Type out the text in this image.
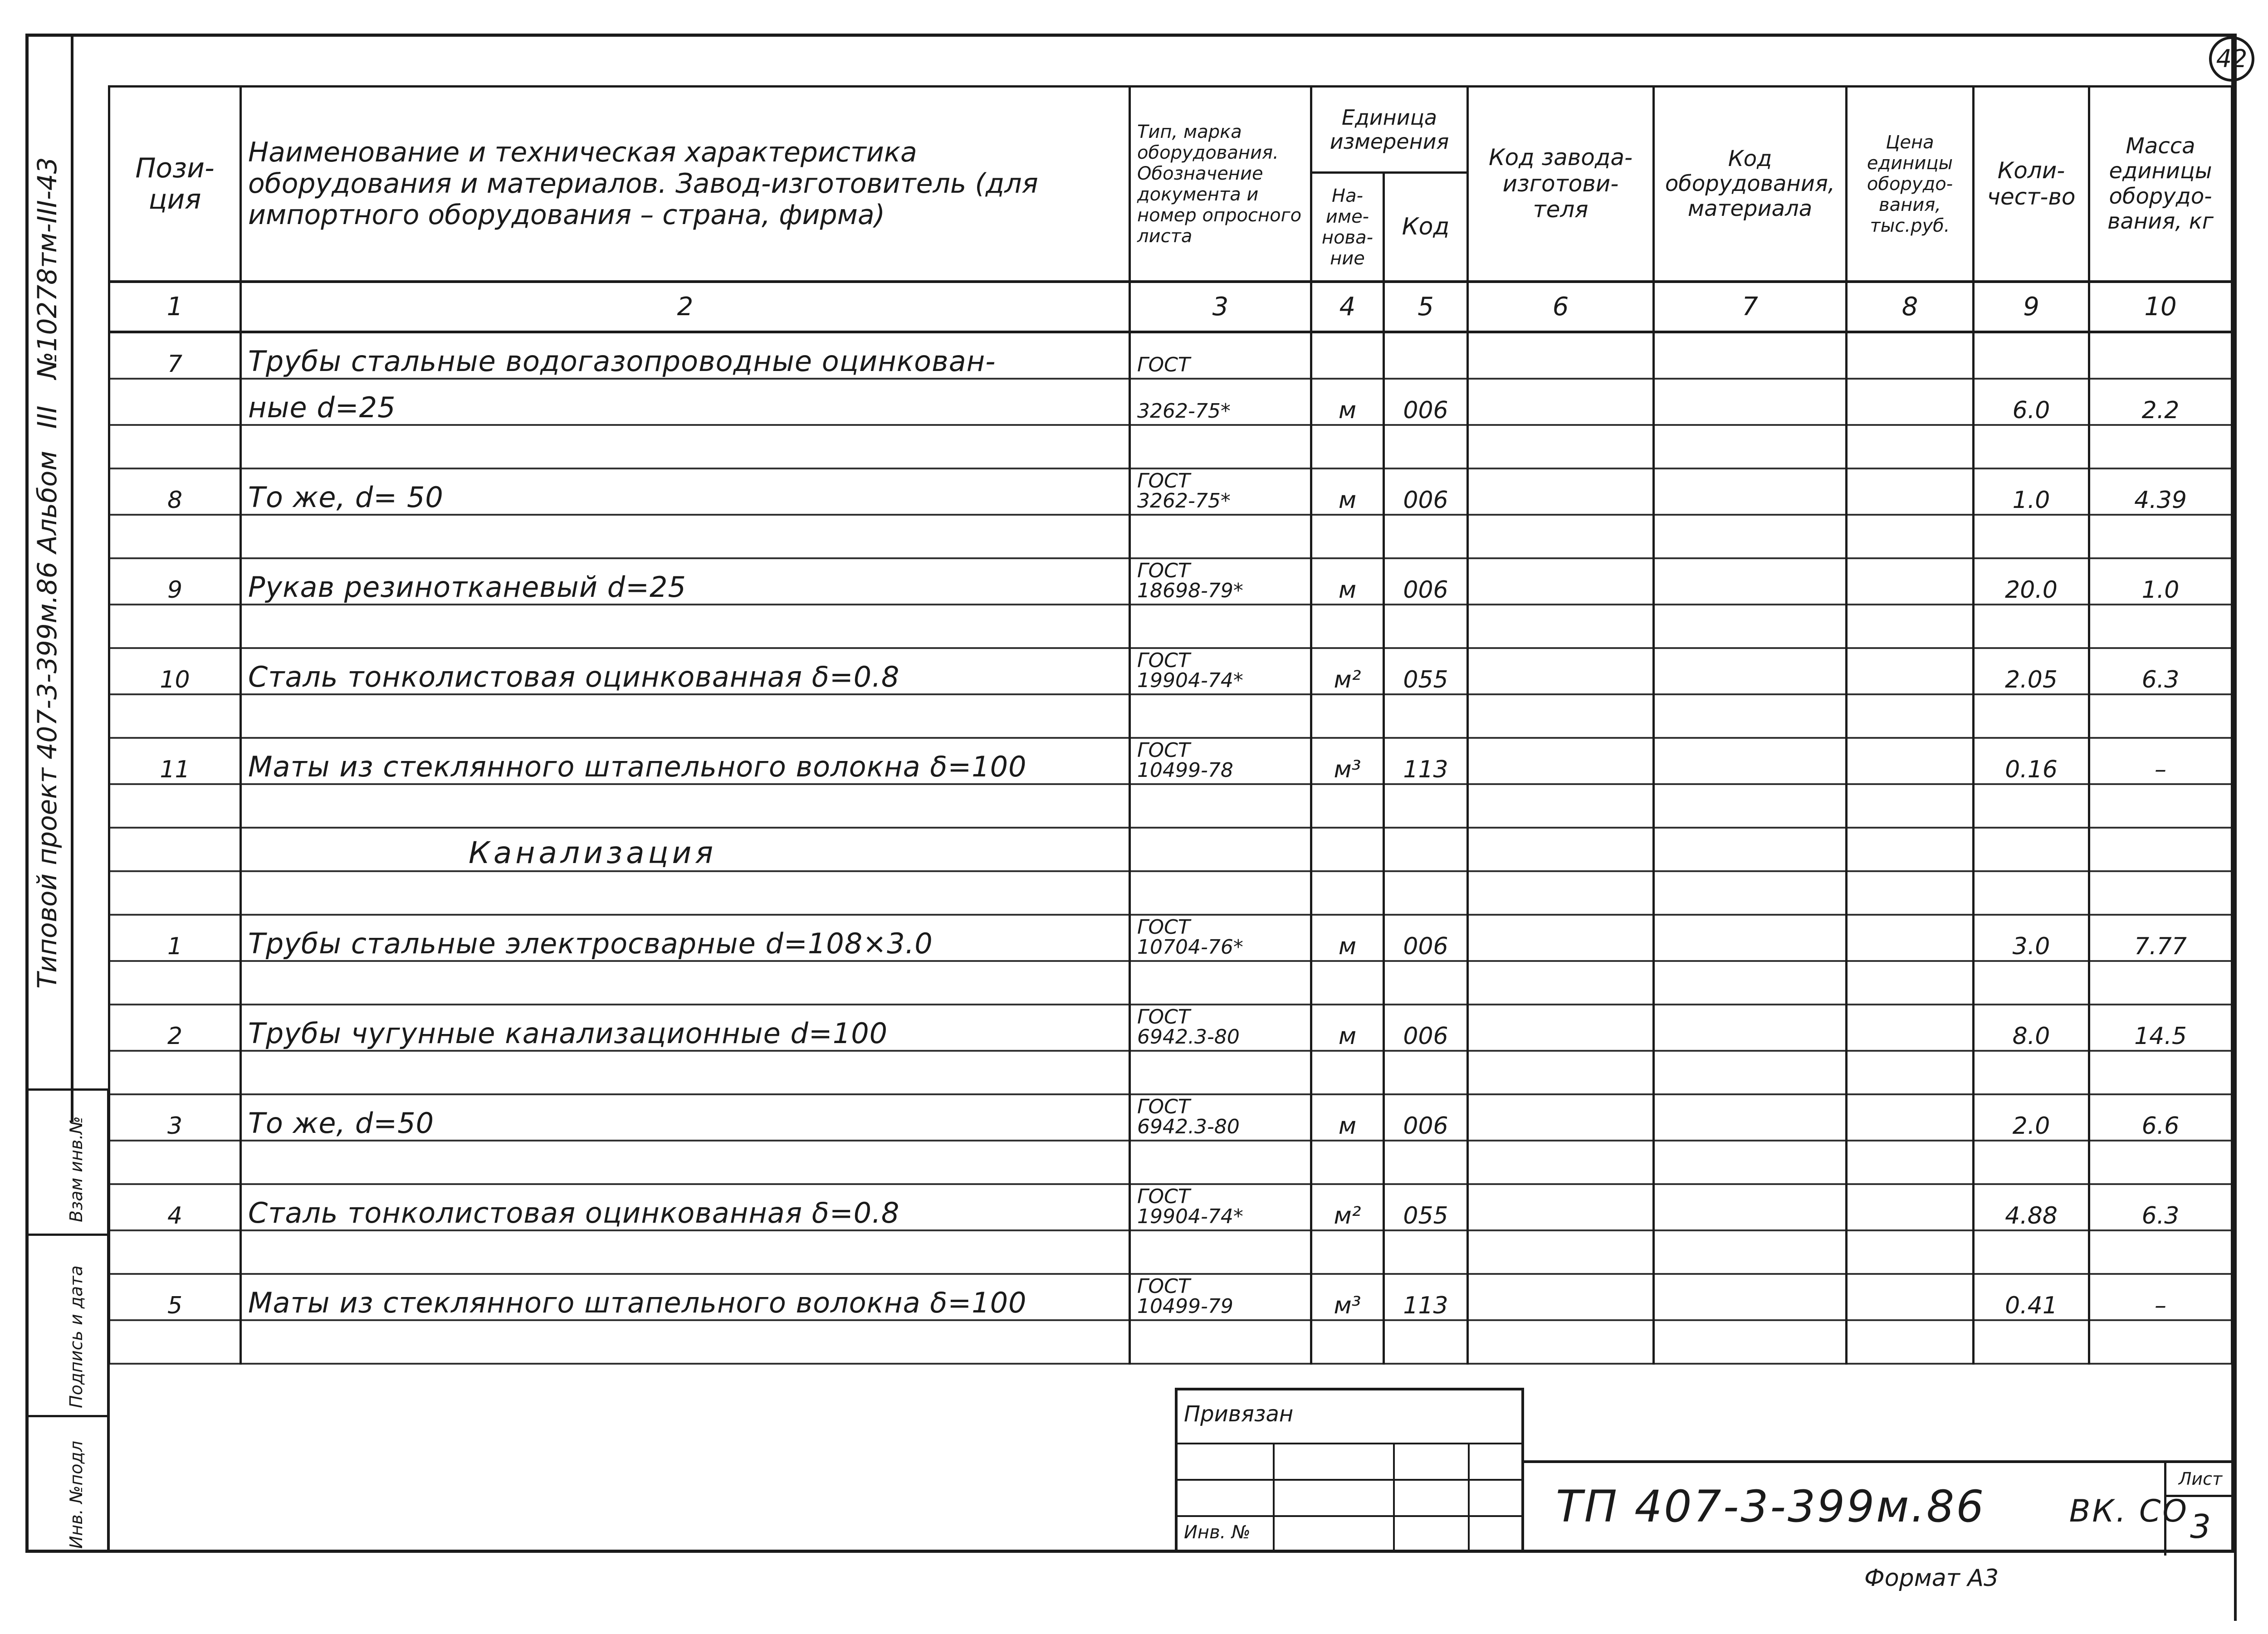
Типовой проект 407-3-399м.86 Альбом III №10278тм-III-43
42
Пози-
ция	Наименование и техническая характеристика оборудования и материалов. Завод-изготовитель (для импортного оборудования – страна, фирма)	Тип, марка оборудования. Обозначение документа и номер опросного листа	Единица измерения		Код завода-изготови-теля	Код оборудования, материала	Цена единицы оборудо-вания, тыс.руб.	Коли-чест-во	Масса единицы оборудо-вания, кг
			На-име-нова-ние	Код					
1	2	3	4	5	6	7	8	9	10
7	Трубы стальные водогазопроводные оцинкован-	ГОСТ							
	ные d=25	3262-75*	м	006				6.0	2.2

8	То же, d= 50	ГОСТ
3262-75*	м	006				1.0	4.39

9	Рукав резинотканевый d=25	ГОСТ
18698-79*	м	006				20.0	1.0

10	Сталь тонколистовая оцинкованная δ=0.8	ГОСТ
19904-74*	м²	055				2.05	6.3

11	Маты из стеклянного штапельного волокна δ=100	ГОСТ
10499-78	м³	113				0.16	–

	Канализация								

1	Трубы стальные электросварные d=108×3.0	ГОСТ
10704-76*	м	006				3.0	7.77

2	Трубы чугунные канализационные d=100	ГОСТ
6942.3-80	м	006				8.0	14.5

3	То же, d=50	ГОСТ
6942.3-80	м	006				2.0	6.6

4	Сталь тонколистовая оцинкованная δ=0.8	ГОСТ
19904-74*	м²	055				4.88	6.3

5	Маты из стеклянного штапельного волокна δ=100	ГОСТ
10499-79	м³	113				0.41	–

Взам инв.№
Подпись и дата
Инв. №подл
Привязан
Инв. №
ТП 407-3-399м.86	ВК. СО
Лист
3
Формат А3
